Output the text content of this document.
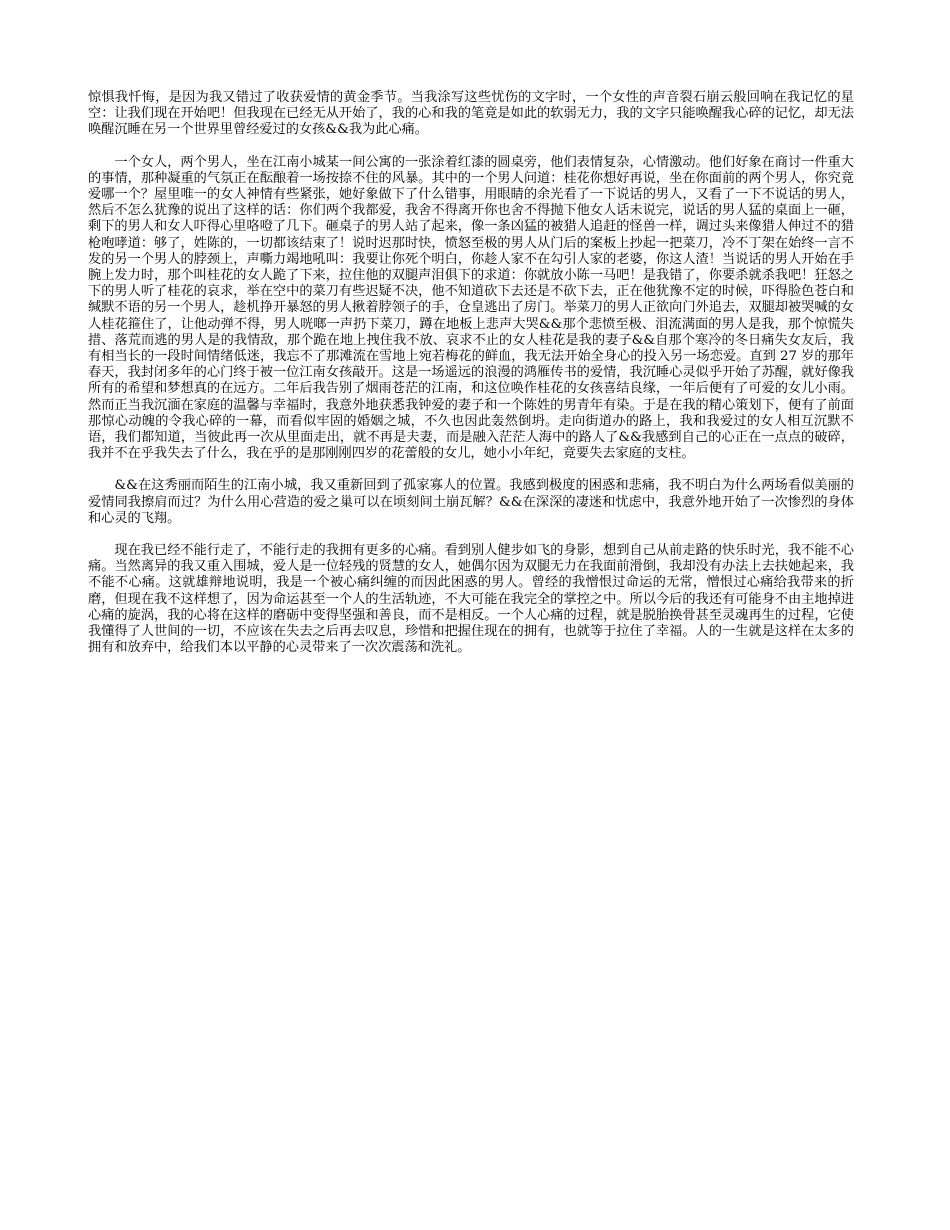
惊惧我忏悔，是因为我又错过了收获爱情的黄金季节。当我涂写这些忧伤的文字时，一个女性的声音裂石崩云般回响在我记忆的星空：让我们现在开始吧！但我现在已经无从开始了，我的心和我的笔竟是如此的软弱无力，我的文字只能唤醒我心碎的记忆，却无法唤醒沉睡在另一个世界里曾经爱过的女孩&&我为此心痛。

一个女人，两个男人，坐在江南小城某一间公寓的一张涂着红漆的圆桌旁，他们表情复杂，心情激动。他们好象在商讨一件重大的事情，那种凝重的气氛正在酝酿着一场按捺不住的风暴。其中的一个男人问道：桂花你想好再说，坐在你面前的两个男人，你究竟爱哪一个？屋里唯一的女人神情有些紧张，她好象做下了什么错事，用眼睛的余光看了一下说话的男人，又看了一下不说话的男人，然后不怎么犹豫的说出了这样的话：你们两个我都爱，我舍不得离开你也舍不得抛下他女人话未说完，说话的男人猛的桌面上一砸，剩下的男人和女人吓得心里咯噔了几下。砸桌子的男人站了起来，像一条凶猛的被猎人追赶的怪兽一样，调过头来像猎人伸过不的猎枪咆哮道：够了，姓陈的，一切都该结束了！说时迟那时快，愤怒至极的男人从门后的案板上抄起一把菜刀，冷不丁架在始终一言不发的另一个男人的脖颈上，声嘶力竭地吼叫：我要让你死个明白，你趁人家不在勾引人家的老婆，你这人渣！当说话的男人开始在手腕上发力时，那个叫桂花的女人跪了下来，拉住他的双腿声泪俱下的求道：你就放小陈一马吧！是我错了，你要杀就杀我吧！狂怒之下的男人听了桂花的哀求，举在空中的菜刀有些迟疑不决，他不知道砍下去还是不砍下去，正在他犹豫不定的时候，吓得脸色苍白和缄默不语的另一个男人，趁机挣开暴怒的男人揪着脖领子的手，仓皇逃出了房门。举菜刀的男人正欲向门外追去，双腿却被哭喊的女人桂花箍住了，让他动弹不得，男人咣啷一声扔下菜刀，蹲在地板上悲声大哭&&那个悲愤至极、泪流满面的男人是我，那个惊慌失措、落荒而逃的男人是的我情敌，那个跪在地上拽住我不放、哀求不止的女人桂花是我的妻子&&自那个寒冷的冬日痛失女友后，我有相当长的一段时间情绪低迷，我忘不了那滩流在雪地上宛若梅花的鲜血，我无法开始全身心的投入另一场恋爱。直到 27 岁的那年春天，我封闭多年的心门终于被一位江南女孩敲开。这是一场遥远的浪漫的鸿雁传书的爱情，我沉睡心灵似乎开始了苏醒，就好像我所有的希望和梦想真的在远方。二年后我告别了烟雨苍茫的江南，和这位唤作桂花的女孩喜结良缘，一年后便有了可爱的女儿小雨。然而正当我沉湎在家庭的温馨与幸福时，我意外地获悉我钟爱的妻子和一个陈姓的男青年有染。于是在我的精心策划下，便有了前面那惊心动魄的令我心碎的一幕，而看似牢固的婚姻之城，不久也因此轰然倒坍。走向街道办的路上，我和我爱过的女人相互沉默不语，我们都知道，当彼此再一次从里面走出，就不再是夫妻，而是融入茫茫人海中的路人了&&我感到自己的心正在一点点的破碎，我并不在乎我失去了什么，我在乎的是那刚刚四岁的花蕾般的女儿，她小小年纪，竟要失去家庭的支柱。

&&在这秀丽而陌生的江南小城，我又重新回到了孤家寡人的位置。我感到极度的困惑和悲痛，我不明白为什么两场看似美丽的爱情同我擦肩而过？为什么用心营造的爱之巢可以在顷刻间土崩瓦解？&&在深深的凄迷和忧虑中，我意外地开始了一次惨烈的身体和心灵的飞翔。

现在我已经不能行走了，不能行走的我拥有更多的心痛。看到别人健步如飞的身影，想到自己从前走路的快乐时光，我不能不心痛。当然离异的我又重入围城，爱人是一位轻残的贤慧的女人，她偶尔因为双腿无力在我面前滑倒，我却没有办法上去扶她起来，我不能不心痛。这就雄辩地说明，我是一个被心痛纠缠的而因此困惑的男人。曾经的我憎恨过命运的无常，憎恨过心痛给我带来的折磨，但现在我不这样想了，因为命运甚至一个人的生活轨迹，不大可能在我完全的掌控之中。所以今后的我还有可能身不由主地掉进心痛的旋涡，我的心将在这样的磨砺中变得坚强和善良，而不是相反。一个人心痛的过程，就是脱胎换骨甚至灵魂再生的过程，它使我懂得了人世间的一切，不应该在失去之后再去叹息，珍惜和把握住现在的拥有，也就等于拉住了幸福。人的一生就是这样在太多的拥有和放弃中，给我们本以平静的心灵带来了一次次震荡和洗礼。
